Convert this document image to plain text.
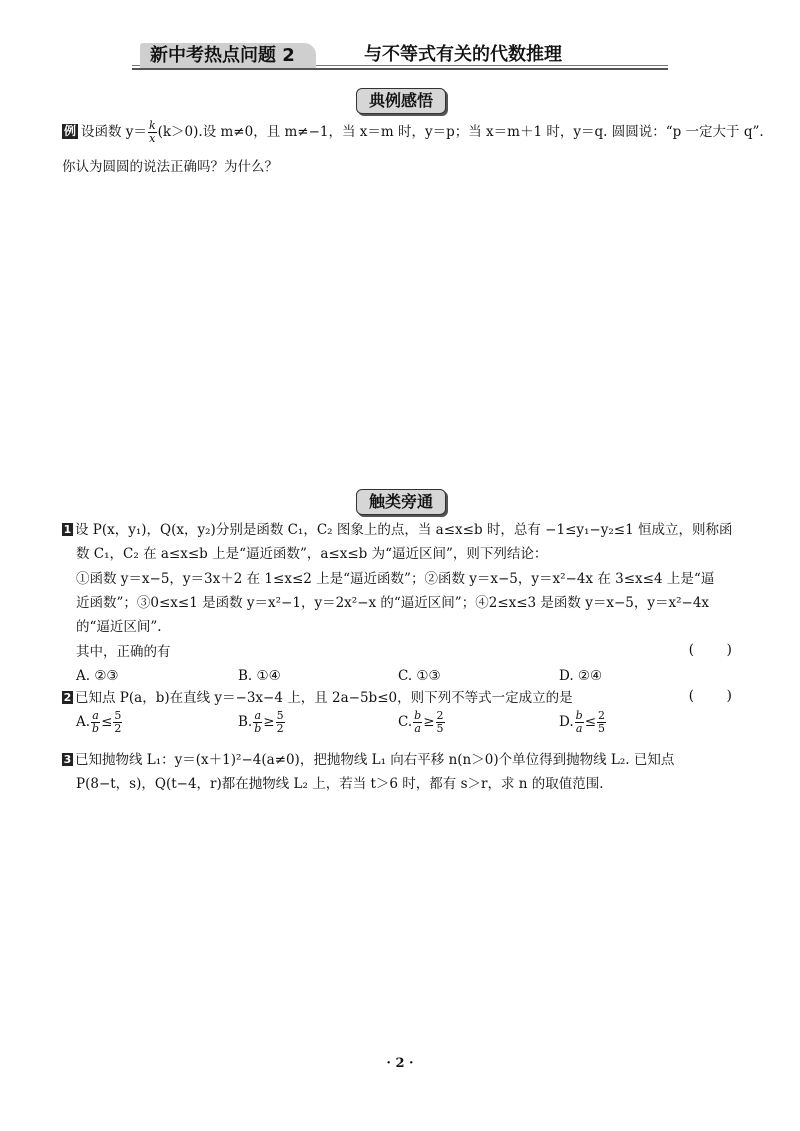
新中考热点问题 2	与不等式有关的代数推理
典例感悟
例 设函数 $y= \frac{k}{x} (k>0)$.设 m≠0，且 m≠−1，当 x＝m 时，y＝p；当 x＝m＋1 时，y＝q. 圆圆说：“p 一定大于 q”.
你认为圆圆的说法正确吗？为什么？
触类旁通
1 设 P(x，y₁)，Q(x，y₂)分别是函数 C₁，C₂ 图象上的点，当 a≤x≤b 时，总有 −1≤y₁−y₂≤1 恒成立，则称函
数 C₁，C₂ 在 a≤x≤b 上是“逼近函数”，a≤x≤b 为“逼近区间”，则下列结论：
①函数 y＝x−5，y＝3x＋2 在 1≤x≤2 上是“逼近函数”；②函数 y＝x−5，y＝x²−4x 在 3≤x≤4 上是“逼
近函数”；③0≤x≤1 是函数 y＝x²−1，y＝2x²−x 的“逼近区间”；④2≤x≤3 是函数 y＝x−5，y＝x²−4x
的“逼近区间”.
其中，正确的有	( )
A. ②③	B. ①④	C. ①③	D. ②④
2 已知点 P(a，b)在直线 y＝−3x−4 上，且 2a−5b≤0，则下列不等式一定成立的是	( )
A. $\frac{a}{b} \le \frac{5}{2}$	B. $\frac{a}{b} \ge \frac{5}{2}$	C. $\frac{b}{a} \ge \frac{2}{5}$	D. $\frac{b}{a} \le \frac{2}{5}$
3 已知抛物线 L₁：y＝(x＋1)²−4(a≠0)，把抛物线 L₁ 向右平移 n(n＞0)个单位得到抛物线 L₂. 已知点
P(8−t，s)，Q(t−4，r)都在抛物线 L₂ 上，若当 t＞6 时，都有 s＞r，求 n 的取值范围.
· 2 ·
